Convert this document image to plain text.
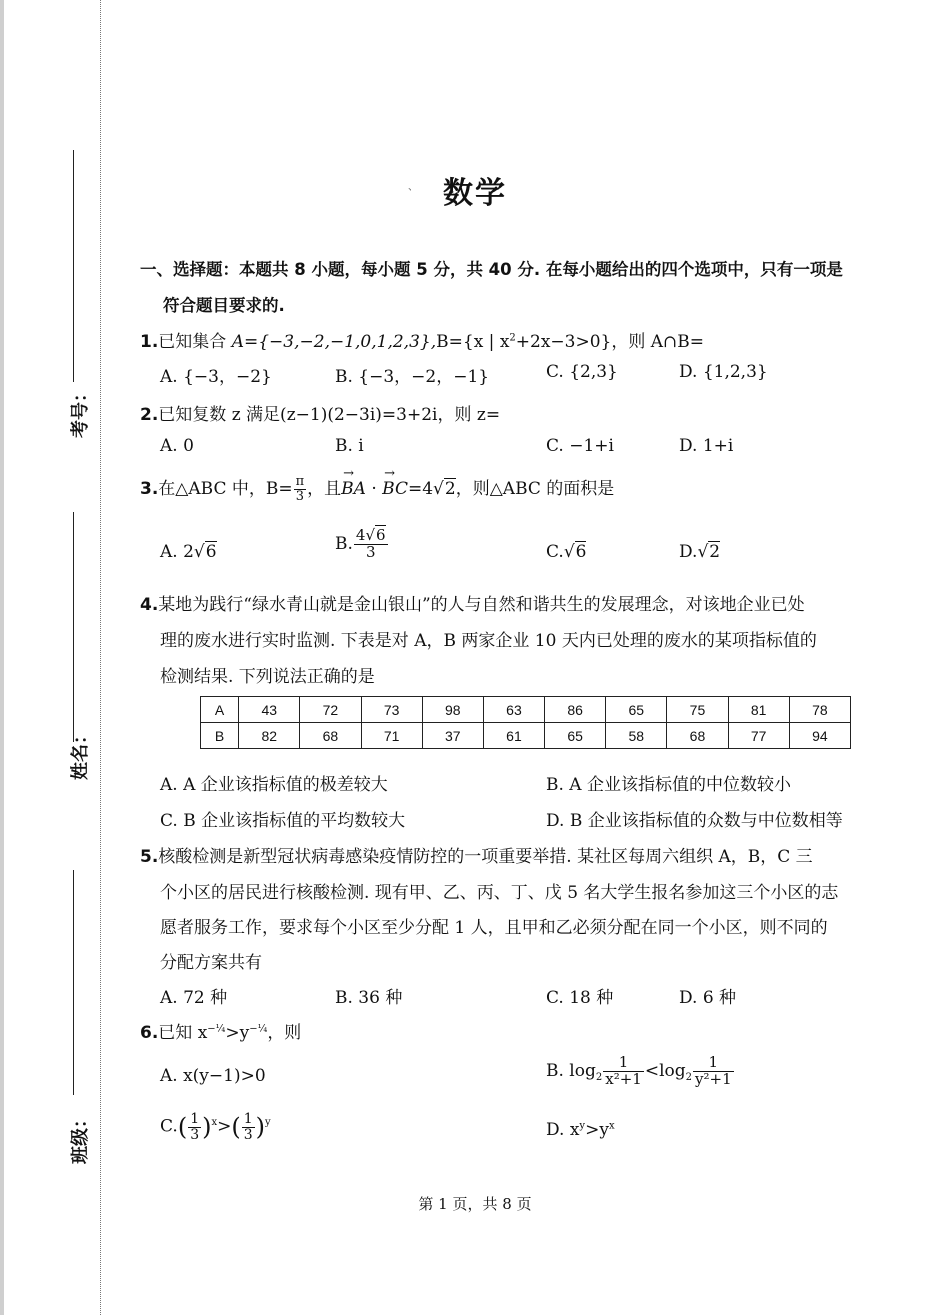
考号：
姓名：
班级：
、 数学
一、选择题：本题共 8 小题，每小题 5 分，共 40 分. 在每小题给出的四个选项中，只有一项是
符合题目要求的.
1.已知集合 A={−3,−2,−1,0,1,2,3},B={x | $x^2+2x-3>0$}，则 A∩B=
A. {−3，−2}	B. {−3，−2，−1}	C. {2,3}	D. {1,2,3}
2.已知复数 z 满足(z−1)(2−3i)=3+2i，则 z=
A. 0	B. i	C. −1+i	D. 1+i
3.在△ABC 中，$B= \frac{\pi}{3}$ ，且→ BA · → BC=4√2，则△ABC 的面积是
A. 2√6	B. $\frac{4√6}{3}$	C.√6	D.√2
4.某地为践行“绿水青山就是金山银山”的人与自然和谐共生的发展理念，对该地企业已处
理的废水进行实时监测. 下表是对 A，B 两家企业 10 天内已处理的废水的某项指标值的
检测结果. 下列说法正确的是
A	43	72	73	98	63	86	65	75	81	78
B	82	68	71	37	61	65	58	68	77	94
A. A 企业该指标值的极差较大	B. A 企业该指标值的中位数较小
C. B 企业该指标值的平均数较大	D. B 企业该指标值的众数与中位数相等
5.核酸检测是新型冠状病毒感染疫情防控的一项重要举措. 某社区每周六组织 A，B，C 三
个小区的居民进行核酸检测. 现有甲、乙、丙、丁、戊 5 名大学生报名参加这三个小区的志
愿者服务工作，要求每个小区至少分配 1 人，且甲和乙必须分配在同一个小区，则不同的
分配方案共有
A. 72 种	B. 36 种	C. 18 种	D. 6 种
6.已知 $x^{-\frac{1}{4}}>y^{-\frac{1}{4}}$，则
A. x(y−1)>0	B. $\log_2 \frac{1}{\text{x²+1}} <\log_2 \frac{1}{\text{y²+1}}$
$C.( \frac{1}{3} )^x>( \frac{1}{3} )^y$	D. $x^y>y^x$
第 1 页，共 8 页
